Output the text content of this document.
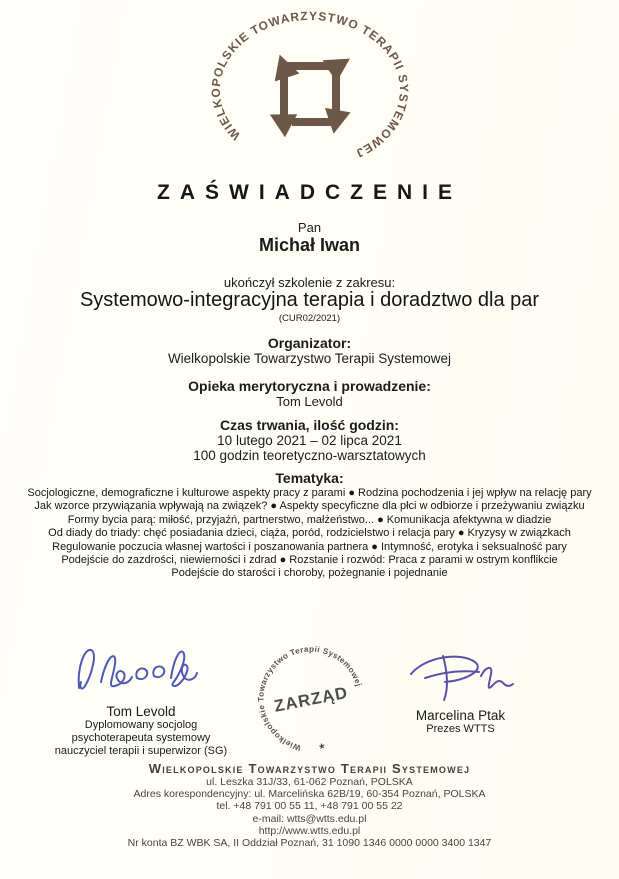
WIELKOPOLSKIE TOWARZYSTWO TERAPII SYSTEMOWEJ
ZAŚWIADCZENIE
Pan
Michał Iwan
ukończył szkolenie z zakresu:
Systemowo-integracyjna terapia i doradztwo dla par
(CUR02/2021)
Organizator:
Wielkopolskie Towarzystwo Terapii Systemowej
Opieka merytoryczna i prowadzenie:
Tom Levold
Czas trwania, ilość godzin:
10 lutego 2021 – 02 lipca 2021
100 godzin teoretyczno-warsztatowych
Tematyka:
Socjologiczne, demograficzne i kulturowe aspekty pracy z parami ● Rodzina pochodzenia i jej wpływ na relację pary
Jak wzorce przywiązania wpływają na związek? ● Aspekty specyficzne dla płci w odbiorze i przeżywaniu związku
Formy bycia parą: miłość, przyjaźń, partnerstwo, małżeństwo... ● Komunikacja afektywna w diadzie
Od diady do triady: chęć posiadania dzieci, ciąża, poród, rodzicielstwo i relacja pary ● Kryzysy w związkach
Regulowanie poczucia własnej wartości i poszanowania partnera ● Intymność, erotyka i seksualność pary
Podejście do zazdrości, niewierności i zdrad ● Rozstanie i rozwód: Praca z parami w ostrym konflikcie
Podejście do starości i choroby, pożegnanie i pojednanie
Tom Levold
Dyplomowany socjolog
psychoterapeuta systemowy
nauczyciel terapii i superwizor (SG)	Wielkopolskie Towarzystwo Terapii Systemowej
★
ZARZĄD	Marcelina Ptak
Prezes WTTS
Wielkopolskie Towarzystwo Terapii Systemowej
ul. Leszka 31J/33, 61-062 Poznań, POLSKA
Adres korespondencyjny: ul. Marcelińska 62B/19, 60-354 Poznań, POLSKA
tel. +48 791 00 55 11, +48 791 00 55 22
e-mail: wtts@wtts.edu.pl
http://www.wtts.edu.pl
Nr konta BZ WBK SA, II Oddział Poznań, 31 1090 1346 0000 0000 3400 1347
